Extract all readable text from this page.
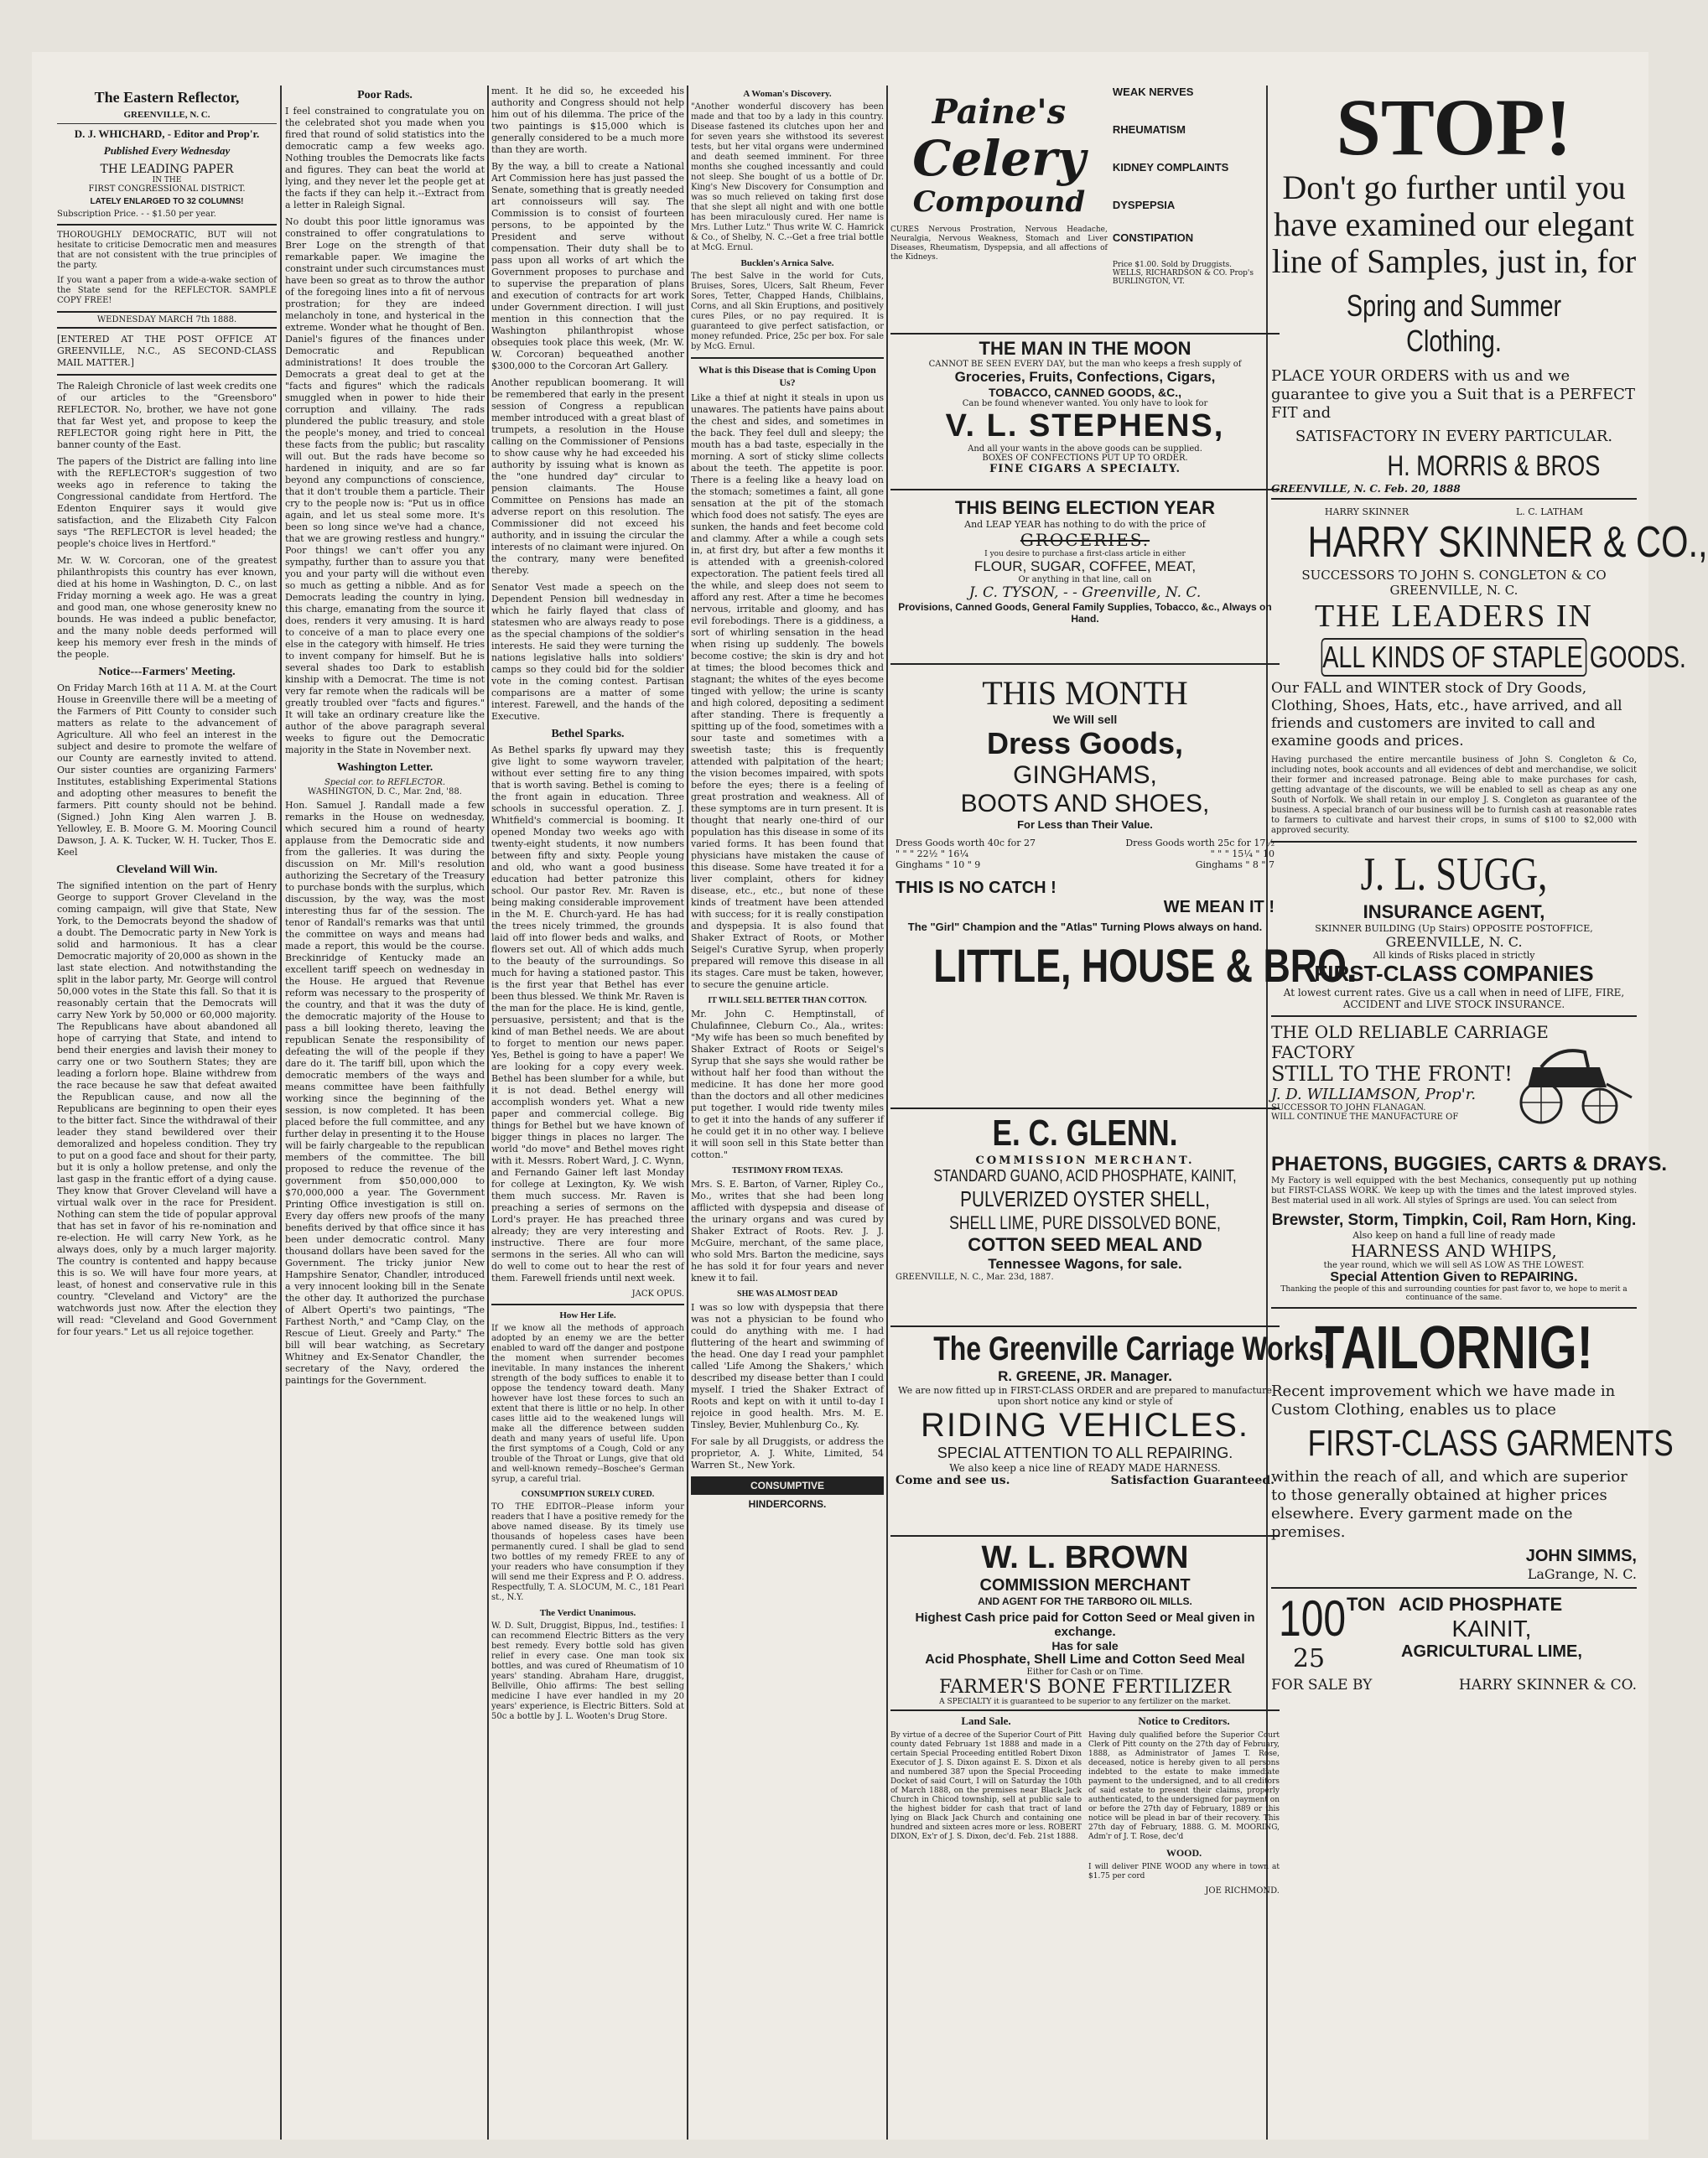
The Eastern Reflector,
GREENVILLE, N. C.
D. J. WHICHARD, - Editor and Prop'r.
Published Every Wednesday
THE LEADING PAPER
IN THE
FIRST CONGRESSIONAL DISTRICT.
LATELY ENLARGED TO 32 COLUMNS!
Subscription Price. - - $1.50 per year.

THOROUGHLY DEMOCRATIC, BUT will not hesitate to criticise Democratic men and measures that are not consistent with the true principles of the party.

If you want a paper from a wide-a-wake section of the State send for the REFLECTOR. SAMPLE COPY FREE!

WEDNESDAY MARCH 7th 1888.

[ENTERED AT THE POST OFFICE AT GREENVILLE, N.C., AS SECOND-CLASS MAIL MATTER.]

The Raleigh Chronicle of last week credits one of our articles to the "Greensboro" REFLECTOR. No, brother, we have not gone that far West yet, and propose to keep the REFLECTOR going right here in Pitt, the banner county of the East.

The papers of the District are falling into line with the REFLECTOR's suggestion of two weeks ago in reference to taking the Congressional candidate from Hertford. The Edenton Enquirer says it would give satisfaction, and the Elizabeth City Falcon says "The REFLECTOR is level headed; the people's choice lives in Hertford."

Mr. W. W. Corcoran, one of the greatest philanthropists this country has ever known, died at his home in Washington, D. C., on last Friday morning a week ago. He was a great and good man, one whose generosity knew no bounds. He was indeed a public benefactor, and the many noble deeds performed will keep his memory ever fresh in the minds of the people.

Notice---Farmers' Meeting.

On Friday March 16th at 11 A. M. at the Court House in Greenville there will be a meeting of the Farmers of Pitt County to consider such matters as relate to the advancement of Agriculture. All who feel an interest in the subject and desire to promote the welfare of our County are earnestly invited to attend. Our sister counties are organizing Farmers' Institutes, establishing Experimental Stations and adopting other measures to benefit the farmers. Pitt county should not be behind. (Signed.) John King Alen warren J. B. Yellowley, E. B. Moore G. M. Mooring Council Dawson, J. A. K. Tucker, W. H. Tucker, Thos E. Keel

Cleveland Will Win.

The signified intention on the part of Henry George to support Grover Cleveland in the coming campaign, will give that State, New York, to the Democrats beyond the shadow of a doubt. The Democratic party in New York is solid and harmonious. It has a clear Democratic majority of 20,000 as shown in the last state election. And notwithstanding the split in the labor party, Mr. George will control 50,000 votes in the State this fall. So that it is reasonably certain that the Democrats will carry New York by 50,000 or 60,000 majority. The Republicans have about abandoned all hope of carrying that State, and intend to bend their energies and lavish their money to carry one or two Southern States; they are leading a forlorn hope. Blaine withdrew from the race because he saw that defeat awaited the Republican cause, and now all the Republicans are beginning to open their eyes to the bitter fact. Since the withdrawal of their leader they stand bewildered over their demoralized and hopeless condition. They try to put on a good face and shout for their party, but it is only a hollow pretense, and only the last gasp in the frantic effort of a dying cause. They know that Grover Cleveland will have a virtual walk over in the race for President. Nothing can stem the tide of popular approval that has set in favor of his re-nomination and re-election. He will carry New York, as he always does, only by a much larger majority. The country is contented and happy because this is so. We will have four more years, at least, of honest and conservative rule in this country. "Cleveland and Victory" are the watchwords just now. After the election they will read: "Cleveland and Good Government for four years." Let us all rejoice together.

Poor Rads.

I feel constrained to congratulate you on the celebrated shot you made when you fired that round of solid statistics into the democratic camp a few weeks ago. Nothing troubles the Democrats like facts and figures. They can beat the world at lying, and they never let the people get at the facts if they can help it.--Extract from a letter in Raleigh Signal.

No doubt this poor little ignoramus was constrained to offer congratulations to Brer Loge on the strength of that remarkable paper. We imagine the constraint under such circumstances must have been so great as to throw the author of the foregoing lines into a fit of nervous prostration; for they are indeed melancholy in tone, and hysterical in the extreme. Wonder what he thought of Ben. Daniel's figures of the finances under Democratic and Republican administrations! It does trouble the Democrats a great deal to get at the "facts and figures" which the radicals smuggled when in power to hide their corruption and villainy. The rads plundered the public treasury, and stole the people's money, and tried to conceal these facts from the public; but rascality will out. But the rads have become so hardened in iniquity, and are so far beyond any compunctions of conscience, that it don't trouble them a particle. Their cry to the people now is: "Put us in office again, and let us steal some more. It's been so long since we've had a chance, that we are growing restless and hungry." Poor things! we can't offer you any sympathy, further than to assure you that you and your party will die without even so much as getting a nibble. And as for Democrats leading the country in lying, this charge, emanating from the source it does, renders it very amusing. It is hard to conceive of a man to place every one else in the category with himself. He tries to invent company for himself. But he is several shades too Dark to establish kinship with a Democrat. The time is not very far remote when the radicals will be greatly troubled over "facts and figures." It will take an ordinary creature like the author of the above paragraph several weeks to figure out the Democratic majority in the State in November next.

Washington Letter.
Special cor. to REFLECTOR.
WASHINGTON, D. C., Mar. 2nd, '88.

Hon. Samuel J. Randall made a few remarks in the House on wednesday, which secured him a round of hearty applause from the Democratic side and from the galleries. It was during the discussion on Mr. Mill's resolution authorizing the Secretary of the Treasury to purchase bonds with the surplus, which discussion, by the way, was the most interesting thus far of the session. The tenor of Randall's remarks was that until the committee on ways and means had made a report, this would be the course. Breckinridge of Kentucky made an excellent tariff speech on wednesday in the House. He argued that Revenue reform was necessary to the prosperity of the country, and that it was the duty of the democratic majority of the House to pass a bill looking thereto, leaving the republican Senate the responsibility of defeating the will of the people if they dare do it. The tariff bill, upon which the democratic members of the ways and means committee have been faithfully working since the beginning of the session, is now completed. It has been placed before the full committee, and any further delay in presenting it to the House will be fairly chargeable to the republican members of the committee. The bill proposed to reduce the revenue of the government from $50,000,000 to $70,000,000 a year. The Government Printing Office investigation is still on. Every day offers new proofs of the many benefits derived by that office since it has been under democratic control. Many thousand dollars have been saved for the Government. The tricky junior New Hampshire Senator, Chandler, introduced a very innocent looking bill in the Senate the other day. It authorized the purchase of Albert Operti's two paintings, "The Farthest North," and "Camp Clay, on the Rescue of Lieut. Greely and Party." The bill will bear watching, as Secretary Whitney and Ex-Senator Chandler, the secretary of the Navy, ordered the paintings for the Government.

ment. It he did so, he exceeded his authority and Congress should not help him out of his dilemma. The price of the two paintings is $15,000 which is generally considered to be a much more than they are worth.

By the way, a bill to create a National Art Commission here has just passed the Senate, something that is greatly needed art connoisseurs will say. The Commission is to consist of fourteen persons, to be appointed by the President and serve without compensation. Their duty shall be to pass upon all works of art which the Government proposes to purchase and to supervise the preparation of plans and execution of contracts for art work under Government direction. I will just mention in this connection that the Washington philanthropist whose obsequies took place this week, (Mr. W. W. Corcoran) bequeathed another $300,000 to the Corcoran Art Gallery.

Another republican boomerang. It will be remembered that early in the present session of Congress a republican member introduced with a great blast of trumpets, a resolution in the House calling on the Commissioner of Pensions to show cause why he had exceeded his authority by issuing what is known as the "one hundred day" circular to pension claimants. The House Committee on Pensions has made an adverse report on this resolution. The Commissioner did not exceed his authority, and in issuing the circular the interests of no claimant were injured. On the contrary, many were benefited thereby.

Senator Vest made a speech on the Dependent Pension bill wednesday in which he fairly flayed that class of statesmen who are always ready to pose as the special champions of the soldier's interests. He said they were turning the nations legislative halls into soldiers' camps so they could bid for the soldier vote in the coming contest. Partisan comparisons are a matter of some interest. Farewell, and the hands of the Executive.

Bethel Sparks.

As Bethel sparks fly upward may they give light to some wayworn traveler, without ever setting fire to any thing that is worth saving. Bethel is coming to the front again in education. Three schools in successful operation. Z. J. Whitfield's commercial is booming. It opened Monday two weeks ago with twenty-eight students, it now numbers between fifty and sixty. People young and old, who want a good business education had better patronize this school. Our pastor Rev. Mr. Raven is being making considerable improvement in the M. E. Church-yard. He has had the trees nicely trimmed, the grounds laid off into flower beds and walks, and flowers set out. All of which adds much to the beauty of the surroundings. So much for having a stationed pastor. This is the first year that Bethel has ever been thus blessed. We think Mr. Raven is the man for the place. He is kind, gentle, persuasive, persistent; and that is the kind of man Bethel needs. We are about to forget to mention our news paper. Yes, Bethel is going to have a paper! We are looking for a copy every week. Bethel has been slumber for a while, but it is not dead. Bethel energy will accomplish wonders yet. What a new paper and commercial college. Big things for Bethel but we have known of bigger things in places no larger. The world "do move" and Bethel moves right with it. Messrs. Robert Ward, J. C. Wynn, and Fernando Gainer left last Monday for college at Lexington, Ky. We wish them much success. Mr. Raven is preaching a series of sermons on the Lord's prayer. He has preached three already; they are very interesting and instructive. There are four more sermons in the series. All who can will do well to come out to hear the rest of them. Farewell friends until next week.

JACK OPUS.
How Her Life.

If we know all the methods of approach adopted by an enemy we are the better enabled to ward off the danger and postpone the moment when surrender becomes inevitable. In many instances the inherent strength of the body suffices to enable it to oppose the tendency toward death. Many however have lost these forces to such an extent that there is little or no help. In other cases little aid to the weakened lungs will make all the difference between sudden death and many years of useful life. Upon the first symptoms of a Cough, Cold or any trouble of the Throat or Lungs, give that old and well-known remedy--Boschee's German syrup, a careful trial.

CONSUMPTION SURELY CURED.

TO THE EDITOR--Please inform your readers that I have a positive remedy for the above named disease. By its timely use thousands of hopeless cases have been permanently cured. I shall be glad to send two bottles of my remedy FREE to any of your readers who have consumption if they will send me their Express and P. O. address. Respectfully, T. A. SLOCUM, M. C., 181 Pearl st., N.Y.

The Verdict Unanimous.

W. D. Sult, Druggist, Bippus, Ind., testifies: I can recommend Electric Bitters as the very best remedy. Every bottle sold has given relief in every case. One man took six bottles, and was cured of Rheumatism of 10 years' standing. Abraham Hare, druggist, Bellville, Ohio affirms: The best selling medicine I have ever handled in my 20 years' experience, is Electric Bitters. Sold at 50c a bottle by J. L. Wooten's Drug Store.

A Woman's Discovery.

"Another wonderful discovery has been made and that too by a lady in this country. Disease fastened its clutches upon her and for seven years she withstood its severest tests, but her vital organs were undermined and death seemed imminent. For three months she coughed incessantly and could not sleep. She bought of us a bottle of Dr. King's New Discovery for Consumption and was so much relieved on taking first dose that she slept all night and with one bottle has been miraculously cured. Her name is Mrs. Luther Lutz." Thus write W. C. Hamrick & Co., of Shelby, N. C.--Get a free trial bottle at McG. Ernul.

Bucklen's Arnica Salve.

The best Salve in the world for Cuts, Bruises, Sores, Ulcers, Salt Rheum, Fever Sores, Tetter, Chapped Hands, Chilblains, Corns, and all Skin Eruptions, and positively cures Piles, or no pay required. It is guaranteed to give perfect satisfaction, or money refunded. Price, 25c per box. For sale by McG. Ernul.

What is this Disease that is Coming Upon Us?

Like a thief at night it steals in upon us unawares. The patients have pains about the chest and sides, and sometimes in the back. They feel dull and sleepy; the mouth has a bad taste, especially in the morning. A sort of sticky slime collects about the teeth. The appetite is poor. There is a feeling like a heavy load on the stomach; sometimes a faint, all gone sensation at the pit of the stomach which food does not satisfy. The eyes are sunken, the hands and feet become cold and clammy. After a while a cough sets in, at first dry, but after a few months it is attended with a greenish-colored expectoration. The patient feels tired all the while, and sleep does not seem to afford any rest. After a time he becomes nervous, irritable and gloomy, and has evil forebodings. There is a giddiness, a sort of whirling sensation in the head when rising up suddenly. The bowels become costive; the skin is dry and hot at times; the blood becomes thick and stagnant; the whites of the eyes become tinged with yellow; the urine is scanty and high colored, depositing a sediment after standing. There is frequently a spitting up of the food, sometimes with a sour taste and sometimes with a sweetish taste; this is frequently attended with palpitation of the heart; the vision becomes impaired, with spots before the eyes; there is a feeling of great prostration and weakness. All of these symptoms are in turn present. It is thought that nearly one-third of our population has this disease in some of its varied forms. It has been found that physicians have mistaken the cause of this disease. Some have treated it for a liver complaint, others for kidney disease, etc., etc., but none of these kinds of treatment have been attended with success; for it is really constipation and dyspepsia. It is also found that Shaker Extract of Roots, or Mother Seigel's Curative Syrup, when properly prepared will remove this disease in all its stages. Care must be taken, however, to secure the genuine article.

IT WILL SELL BETTER THAN COTTON.

Mr. John C. Hemptinstall, of Chulafinnee, Cleburn Co., Ala., writes: "My wife has been so much benefited by Shaker Extract of Roots or Seigel's Syrup that she says she would rather be without half her food than without the medicine. It has done her more good than the doctors and all other medicines put together. I would ride twenty miles to get it into the hands of any sufferer if he could get it in no other way. I believe it will soon sell in this State better than cotton."

TESTIMONY FROM TEXAS.

Mrs. S. E. Barton, of Varner, Ripley Co., Mo., writes that she had been long afflicted with dyspepsia and disease of the urinary organs and was cured by Shaker Extract of Roots. Rev. J. J. McGuire, merchant, of the same place, who sold Mrs. Barton the medicine, says he has sold it for four years and never knew it to fail.

SHE WAS ALMOST DEAD

I was so low with dyspepsia that there was not a physician to be found who could do anything with me. I had fluttering of the heart and swimming of the head. One day I read your pamphlet called 'Life Among the Shakers,' which described my disease better than I could myself. I tried the Shaker Extract of Roots and kept on with it until to-day I rejoice in good health. Mrs. M. E. Tinsley, Bevier, Muhlenburg Co., Ky.

For sale by all Druggists, or address the proprietor, A. J. White, Limited, 54 Warren St., New York.

CONSUMPTIVE
HINDERCORNS.
Paine's
Celery
Compound

CURES Nervous Prostration, Nervous Headache, Neuralgia, Nervous Weakness, Stomach and Liver Diseases, Rheumatism, Dyspepsia, and all affections of the Kidneys.

WEAK NERVES
RHEUMATISM
KIDNEY COMPLAINTS
DYSPEPSIA
CONSTIPATION
Price $1.00. Sold by Druggists.
WELLS, RICHARDSON & CO. Prop's BURLINGTON, VT.
THE MAN IN THE MOON
CANNOT BE SEEN EVERY DAY, but the man who keeps a fresh supply of
Groceries, Fruits, Confections, Cigars,
TOBACCO, CANNED GOODS, &C.,
Can be found whenever wanted. You only have to look for
V. L. STEPHENS,
And all your wants in the above goods can be supplied.
BOXES OF CONFECTIONS PUT UP TO ORDER.
FINE CIGARS A SPECIALTY.
THIS BEING ELECTION YEAR
And LEAP YEAR has nothing to do with the price of
GROCERIES.
I you desire to purchase a first-class article in either
FLOUR, SUGAR, COFFEE, MEAT,
Or anything in that line, call on
J. C. TYSON, - - Greenville, N. C.
Provisions, Canned Goods, General Family Supplies, Tobacco, &c., Always on Hand.
THIS MONTH
We Will sell
Dress Goods,
GINGHAMS,
BOOTS AND SHOES,
For Less than Their Value.
Dress Goods worth 40c for 27	Dress Goods worth 25c for 17½
" " " 22½ " 16¼	" " " 15¼ " 10
Ginghams " 10 " 9	Ginghams " 8 " 7
THIS IS NO CATCH !
WE MEAN IT !
The "Girl" Champion and the "Atlas" Turning Plows always on hand.
LITTLE, HOUSE & BRO.
E. C. GLENN.
COMMISSION MERCHANT.
STANDARD GUANO, ACID PHOSPHATE, KAINIT,
PULVERIZED OYSTER SHELL,
SHELL LIME, PURE DISSOLVED BONE,
COTTON SEED MEAL AND
Tennessee Wagons, for sale.
GREENVILLE, N. C., Mar. 23d, 1887.
The Greenville Carriage Works,
R. GREENE, JR. Manager.
We are now fitted up in FIRST-CLASS ORDER and are prepared to manufacture upon short notice any kind or style of
RIDING VEHICLES.
SPECIAL ATTENTION TO ALL REPAIRING.
We also keep a nice line of READY MADE HARNESS.
Come and see us.	Satisfaction Guaranteed.
W. L. BROWN
COMMISSION MERCHANT
AND AGENT FOR THE TARBORO OIL MILLS.
Highest Cash price paid for Cotton Seed or Meal given in exchange.
Has for sale
Acid Phosphate, Shell Lime and Cotton Seed Meal
Either for Cash or on Time.
FARMER'S BONE FERTILIZER
A SPECIALTY it is guaranteed to be superior to any fertilizer on the market.
Land Sale.

By virtue of a decree of the Superior Court of Pitt county dated February 1st 1888 and made in a certain Special Proceeding entitled Robert Dixon Executor of J. S. Dixon against E. S. Dixon et als and numbered 387 upon the Special Proceeding Docket of said Court, I will on Saturday the 10th of March 1888, on the premises near Black Jack Church in Chicod township, sell at public sale to the highest bidder for cash that tract of land lying on Black Jack Church and containing one hundred and sixteen acres more or less. ROBERT DIXON, Ex'r of J. S. Dixon, dec'd. Feb. 21st 1888.

Notice to Creditors.

Having duly qualified before the Superior Court Clerk of Pitt county on the 27th day of February, 1888, as Administrator of James T. Rose, deceased, notice is hereby given to all persons indebted to the estate to make immediate payment to the undersigned, and to all creditors of said estate to present their claims, properly authenticated, to the undersigned for payment on or before the 27th day of February, 1889 or this notice will be plead in bar of their recovery. This 27th day of February, 1888. G. M. MOORING, Adm'r of J. T. Rose, dec'd

WOOD.

I will deliver PINE WOOD any where in town at $1.75 per cord

JOE RICHMOND.
STOP!
Don't go further until you have examined our elegant line of Samples, just in, for
Spring and Summer Clothing.
PLACE YOUR ORDERS with us and we guarantee to give you a Suit that is a PERFECT FIT and
SATISFACTORY IN EVERY PARTICULAR.
H. MORRIS & BROS
GREENVILLE, N. C. Feb. 20, 1888
HARRY SKINNER	L. C. LATHAM
HARRY SKINNER & CO.,
SUCCESSORS TO JOHN S. CONGLETON & CO
GREENVILLE, N. C.
THE LEADERS IN
ALL KINDS OF STAPLE GOODS.
Our FALL and WINTER stock of Dry Goods, Clothing, Shoes, Hats, etc., have arrived, and all friends and customers are invited to call and examine goods and prices.

Having purchased the entire mercantile business of John S. Congleton & Co, including notes, book accounts and all evidences of debt and merchandise, we solicit their former and increased patronage. Being able to make purchases for cash, getting advantage of the discounts, we will be enabled to sell as cheap as any one South of Norfolk. We shall retain in our employ J. S. Congleton as guarantee of the business. A special branch of our business will be to furnish cash at reasonable rates to farmers to cultivate and harvest their crops, in sums of $100 to $2,000 with approved security.

J. L. SUGG,
INSURANCE AGENT,
SKINNER BUILDING (Up Stairs) OPPOSITE POSTOFFICE,
GREENVILLE, N. C.
All kinds of Risks placed in strictly
FIRST-CLASS COMPANIES
At lowest current rates. Give us a call when in need of LIFE, FIRE, ACCIDENT and LIVE STOCK INSURANCE.
THE OLD RELIABLE CARRIAGE FACTORY
STILL TO THE FRONT!
J. D. WILLIAMSON, Prop'r.
SUCCESSOR TO JOHN FLANAGAN.
WILL CONTINUE THE MANUFACTURE OF
PHAETONS, BUGGIES, CARTS & DRAYS.

My Factory is well equipped with the best Mechanics, consequently put up nothing but FIRST-CLASS WORK. We keep up with the times and the latest improved styles. Best material used in all work. All styles of Springs are used. You can select from

Brewster, Storm, Timpkin, Coil, Ram Horn, King.
Also keep on hand a full line of ready made
HARNESS AND WHIPS,
the year round, which we will sell AS LOW AS THE LOWEST.
Special Attention Given to REPAIRING.
Thanking the people of this and surrounding counties for past favor to, we hope to merit a continuance of the same.
TAILORNIG!
Recent improvement which we have made in Custom Clothing, enables us to place
FIRST-CLASS GARMENTS
within the reach of all, and which are superior to those generally obtained at higher prices elsewhere. Every garment made on the premises.
JOHN SIMMS,
LaGrange, N. C.
100
25
TON ACID PHOSPHATE
KAINIT,
AGRICULTURAL LIME,
FOR SALE BY	HARRY SKINNER & CO.
